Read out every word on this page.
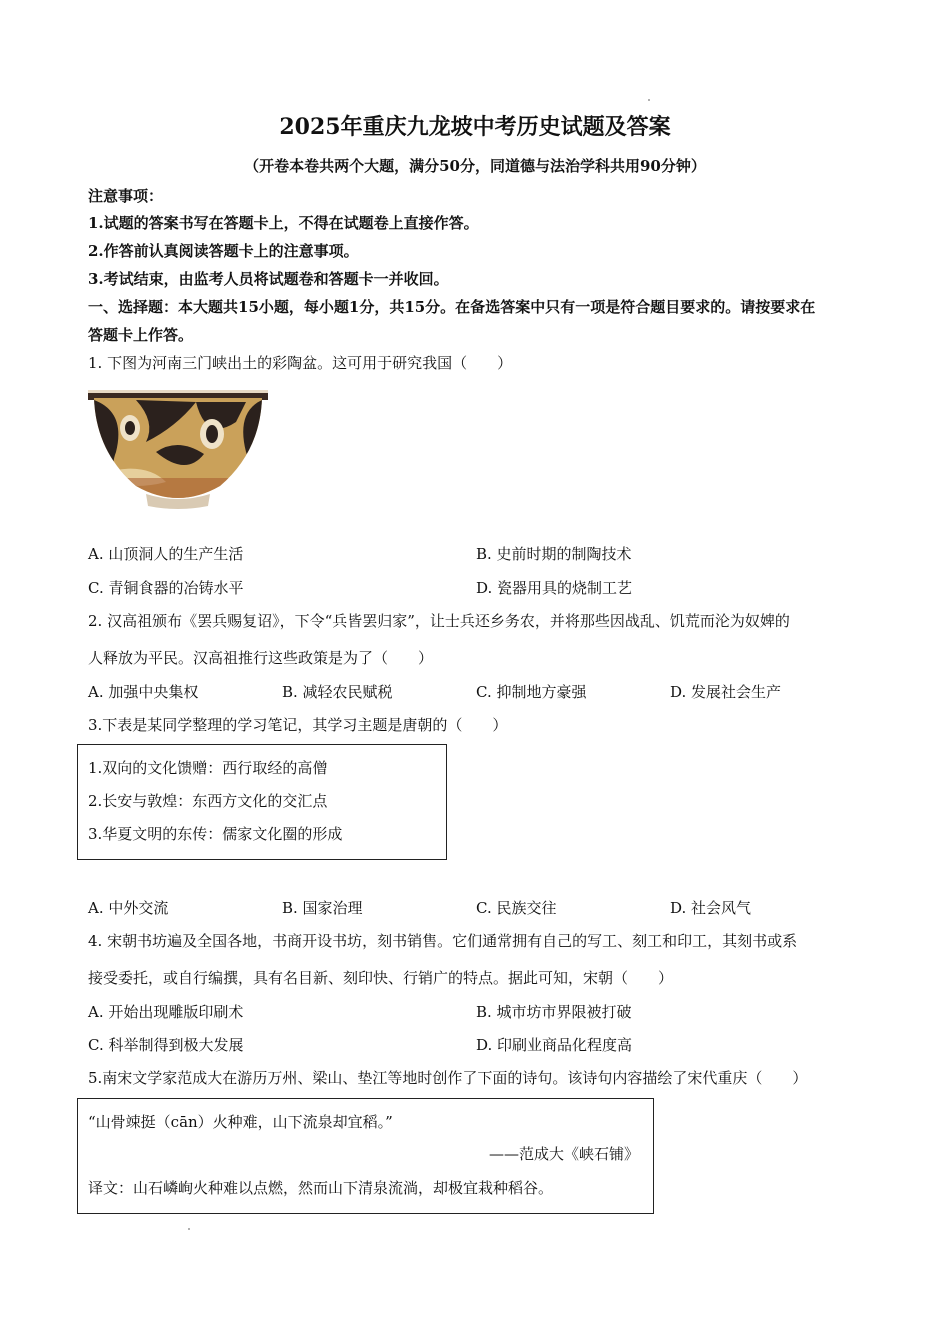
2025年重庆九龙坡中考历史试题及答案
（开卷本卷共两个大题，满分50分，同道德与法治学科共用90分钟）
注意事项：
1.试题的答案书写在答题卡上，不得在试题卷上直接作答。
2.作答前认真阅读答题卡上的注意事项。
3.考试结束，由监考人员将试题卷和答题卡一并收回。
一、选择题：本大题共15小题，每小题1分，共15分。在备选答案中只有一项是符合题目要求的。请按要求在
答题卡上作答。
1. 下图为河南三门峡出土的彩陶盆。这可用于研究我国（　　）
A. 山顶洞人的生产生活	B. 史前时期的制陶技术
C. 青铜食器的冶铸水平	D. 瓷器用具的烧制工艺
2. 汉高祖颁布《罢兵赐复诏》，下令“兵皆罢归家”，让士兵还乡务农，并将那些因战乱、饥荒而沦为奴婢的
人释放为平民。汉高祖推行这些政策是为了（　　）
A. 加强中央集权	B. 减轻农民赋税	C. 抑制地方豪强	D. 发展社会生产
3.下表是某同学整理的学习笔记，其学习主题是唐朝的（　　）
1.双向的文化馈赠：西行取经的高僧
2.长安与敦煌：东西方文化的交汇点
3.华夏文明的东传：儒家文化圈的形成
A. 中外交流	B. 国家治理	C. 民族交往	D. 社会风气
4. 宋朝书坊遍及全国各地，书商开设书坊，刻书销售。它们通常拥有自己的写工、刻工和印工，其刻书或系
接受委托，或自行编撰，具有名目新、刻印快、行销广的特点。据此可知，宋朝（　　）
A. 开始出现雕版印刷术	B. 城市坊市界限被打破
C. 科举制得到极大发展	D. 印刷业商品化程度高
5.南宋文学家范成大在游历万州、梁山、垫江等地时创作了下面的诗句。该诗句内容描绘了宋代重庆（　　）
“山骨竦挺（cān）火种难，山下流泉却宜稻。”
——范成大《峡石铺》
译文：山石嶙峋火种难以点燃，然而山下清泉流淌，却极宜栽种稻谷。
